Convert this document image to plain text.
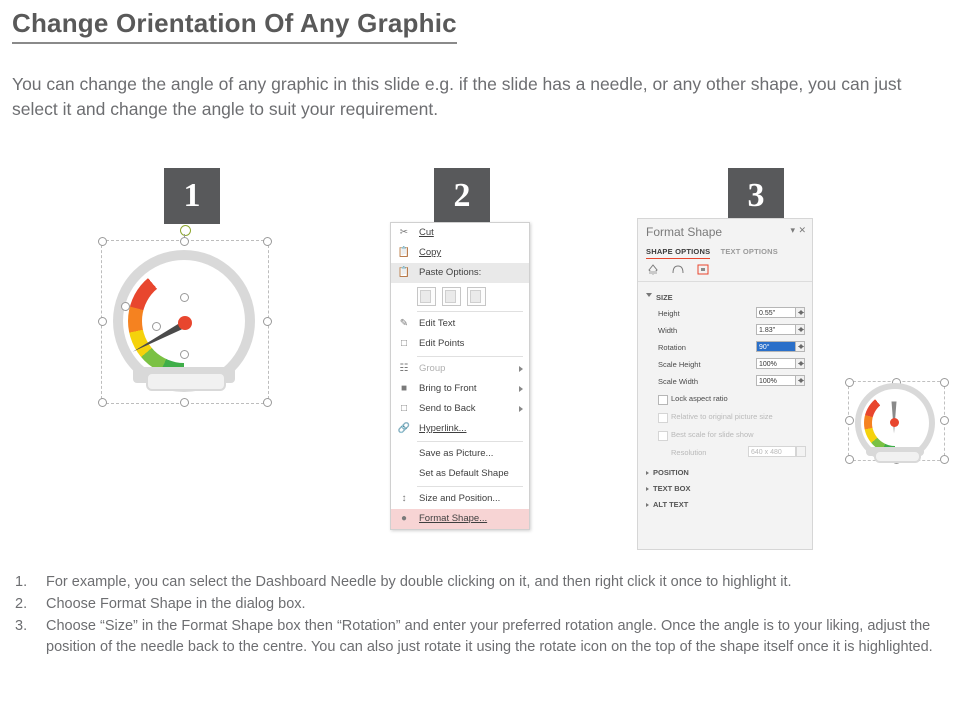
Change Orientation Of Any Graphic
You can change the angle of any graphic in this slide e.g. if the slide has a needle, or any other shape, you can just select it and change the angle to suit your requirement.
1	2	3
✂ Cut
📋 Copy
📋 Paste Options:
✎ Edit Text
□	Edit Points
☷ Group
■	Bring to Front
□	Send to Back
🔗 Hyperlink...
Save as Picture...
Set as Default Shape
↕	Size and Position...
●	Format Shape...
Format Shape	▾ ✕
SHAPE OPTIONS TEXT OPTIONS
SIZE
Height	0.55"
Width	1.83"
Rotation	90°
Scale Height	100%
Scale Width	100%
Lock aspect ratio
Relative to original picture size
Best scale for slide show
Resolution	640 x 480
POSITION
TEXT BOX
ALT TEXT
1.	For example, you can select the Dashboard Needle by double clicking on it, and then right click it once to highlight it.
2.	Choose Format Shape in the dialog box.
3.	Choose “Size” in the Format Shape box then “Rotation” and enter your preferred rotation angle. Once the angle is to your liking, adjust the position of the needle back to the centre. You can also just rotate it using the rotate icon on the top of the shape itself once it is highlighted.
